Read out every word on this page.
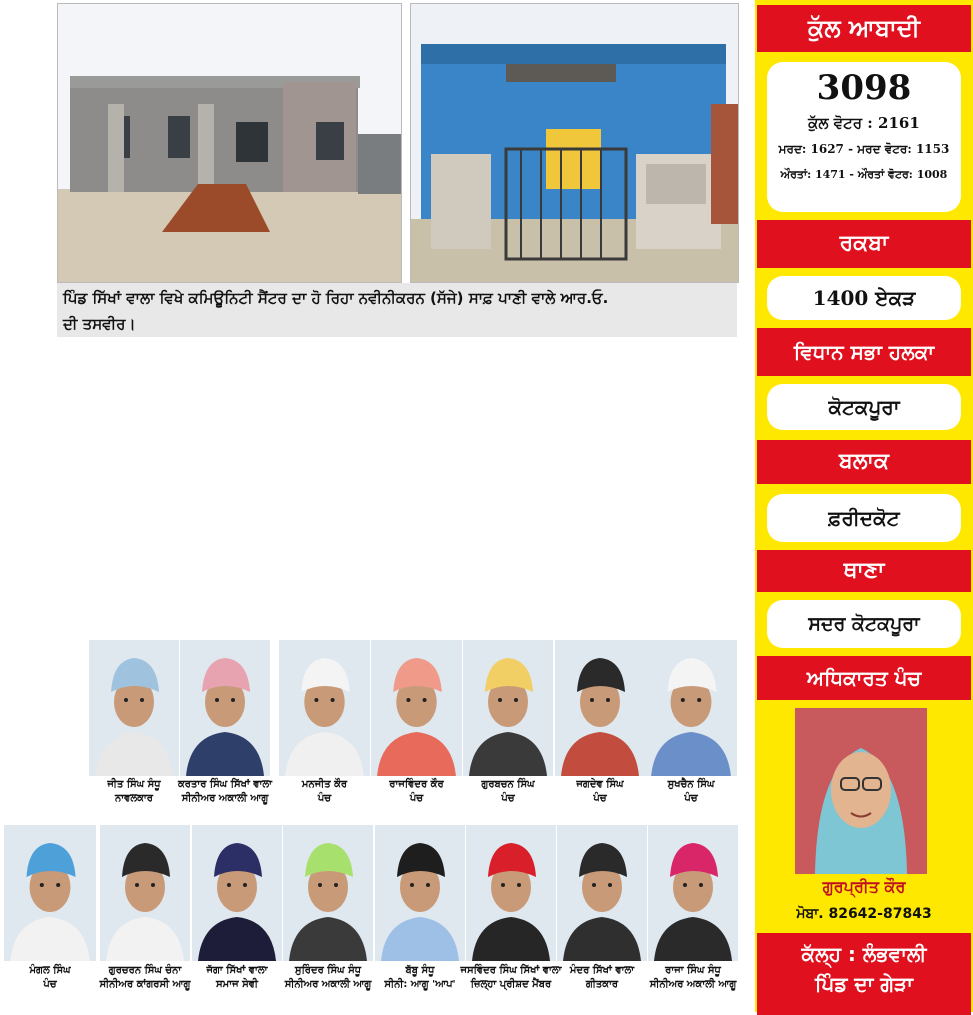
ਪਿੰਡ ਸਿੱਖਾਂ ਵਾਲਾ ਵਿਖੇ ਕਮਿਊਨਿਟੀ ਸੈਂਟਰ ਦਾ ਹੋ ਰਿਹਾ ਨਵੀਨੀਕਰਨ (ਸੱਜੇ) ਸਾਫ਼ ਪਾਣੀ ਵਾਲੇ ਆਰ.ਓ.
ਦੀ ਤਸਵੀਰ।
ਕੁੱਲ ਆਬਾਦੀ
3098
ਕੁੱਲ ਵੋਟਰ : 2161
ਮਰਦ: 1627 - ਮਰਦ ਵੋਟਰ: 1153
ਔਰਤਾਂ: 1471 - ਔਰਤਾਂ ਵੋਟਰ: 1008
ਰਕਬਾ
1400 ਏਕੜ
ਵਿਧਾਨ ਸਭਾ ਹਲਕਾ
ਕੋਟਕਪੂਰਾ
ਬਲਾਕ
ਫ਼ਰੀਦਕੋਟ
ਥਾਣਾ
ਸਦਰ ਕੋਟਕਪੂਰਾ
ਅਧਿਕਾਰਤ ਪੰਚ
ਗੁਰਪ੍ਰੀਤ ਕੌਰ
ਮੋਬਾ. 82642-87843
ਕੱਲ੍ਹ : ਲੰਭਵਾਲੀ
ਪਿੰਡ ਦਾ ਗੇੜਾ
ਜੀਤ ਸਿੰਘ ਸੰਧੂ
ਨਾਵਲਕਾਰ
ਕਰਤਾਰ ਸਿੰਘ ਸਿੱਖਾਂ ਵਾਲਾ
ਸੀਨੀਅਰ ਅਕਾਲੀ ਆਗੂ
ਮਨਜੀਤ ਕੌਰ
ਪੰਚ
ਰਾਜਵਿੰਦਰ ਕੌਰ
ਪੰਚ
ਗੁਰਬਚਨ ਸਿੰਘ
ਪੰਚ
ਜਗਦੇਵ ਸਿੰਘ
ਪੰਚ
ਸੁਖਚੈਨ ਸਿੰਘ
ਪੰਚ
ਮੰਗਲ ਸਿੰਘ
ਪੰਚ
ਗੁਰਚਰਨ ਸਿੰਘ ਚੰਨਾ
ਸੀਨੀਅਰ ਕਾਂਗਰਸੀ ਆਗੂ
ਜੱਗਾ ਸਿੱਖਾਂ ਵਾਲਾ
ਸਮਾਜ ਸੇਵੀ
ਸੁਰਿੰਦਰ ਸਿੰਘ ਸੰਧੂ
ਸੀਨੀਅਰ ਅਕਾਲੀ ਆਗੂ
ਬੱਬੂ ਸੰਧੂ
ਸੀਨੀ: ਆਗੂ 'ਆਪ'
ਜਸਵਿੰਦਰ ਸਿੰਘ ਸਿੱਖਾਂ ਵਾਲਾ
ਜ਼ਿਲ੍ਹਾ ਪ੍ਰੀਸ਼ਦ ਮੈਂਬਰ
ਮੰਦਰ ਸਿੱਖਾਂ ਵਾਲਾ
ਗੀਤਕਾਰ
ਰਾਜਾ ਸਿੰਘ ਸੰਧੂ
ਸੀਨੀਅਰ ਅਕਾਲੀ ਆਗੂ
